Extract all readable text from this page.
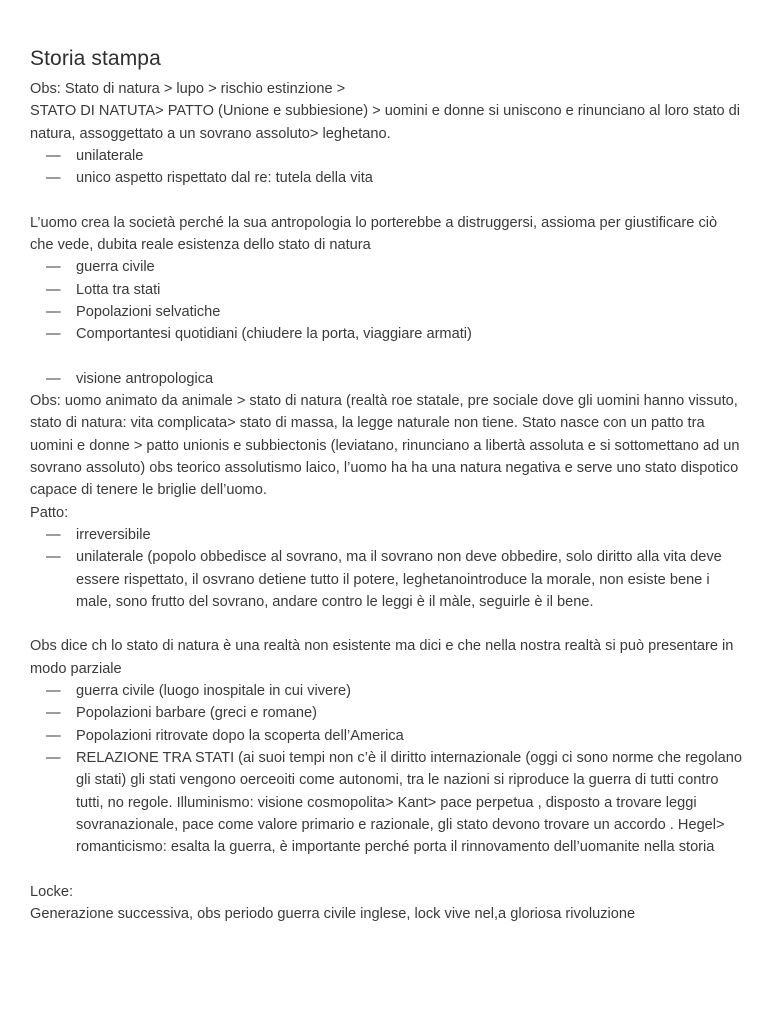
Storia stampa

Obs: Stato di natura > lupo > rischio estinzione >

STATO DI NATUTA> PATTO (Unione e subbiesione) > uomini e donne si uniscono e rinunciano al loro stato di natura, assoggettato a un sovrano assoluto> leghetano.

— unilaterale
— unico aspetto rispettato dal re: tutela della vita

L’uomo crea la società perché la sua antropologia lo porterebbe a distruggersi, assioma per giustificare ciò che vede, dubita reale esistenza dello stato di natura

— guerra civile
— Lotta tra stati
— Popolazioni selvatiche
— Comportantesi quotidiani (chiudere la porta, viaggiare armati)
— visione antropologica

Obs: uomo animato da animale > stato di natura (realtà roe statale, pre sociale dove gli uomini hanno vissuto, stato di natura: vita complicata> stato di massa, la legge naturale non tiene. Stato nasce con un patto tra uomini e donne > patto unionis e subbiectonis (leviatano, rinunciano a libertà assoluta e si sottomettano ad un sovrano assoluto) obs teorico assolutismo laico, l’uomo ha ha una natura negativa e serve uno stato dispotico capace di tenere le briglie dell’uomo.

Patto:

— irreversibile
— unilaterale (popolo obbedisce al sovrano, ma il sovrano non deve obbedire, solo diritto alla vita deve essere rispettato, il osvrano detiene tutto il potere, leghetanointroduce la morale, non esiste bene i male, sono frutto del sovrano, andare contro le leggi è il màle, seguirle è il bene.

Obs dice ch lo stato di natura è una realtà non esistente ma dici e che nella nostra realtà si può presentare in modo parziale

— guerra civile (luogo inospitale in cui vivere)
— Popolazioni barbare (greci e romane)
— Popolazioni ritrovate dopo la scoperta dell’America
— RELAZIONE TRA STATI (ai suoi tempi non c’è il diritto internazionale (oggi ci sono norme che regolano gli stati) gli stati vengono oerceoiti come autonomi, tra le nazioni si riproduce la guerra di tutti contro tutti, no regole. Illuminismo: visione cosmopolita> Kant> pace perpetua , disposto a trovare leggi sovranazionale, pace come valore primario e razionale, gli stato devono trovare un accordo . Hegel> romanticismo: esalta la guerra, è importante perché porta il rinnovamento dell’uomanite nella storia

Locke:

Generazione successiva, obs periodo guerra civile inglese, lock vive nel,a gloriosa rivoluzione
